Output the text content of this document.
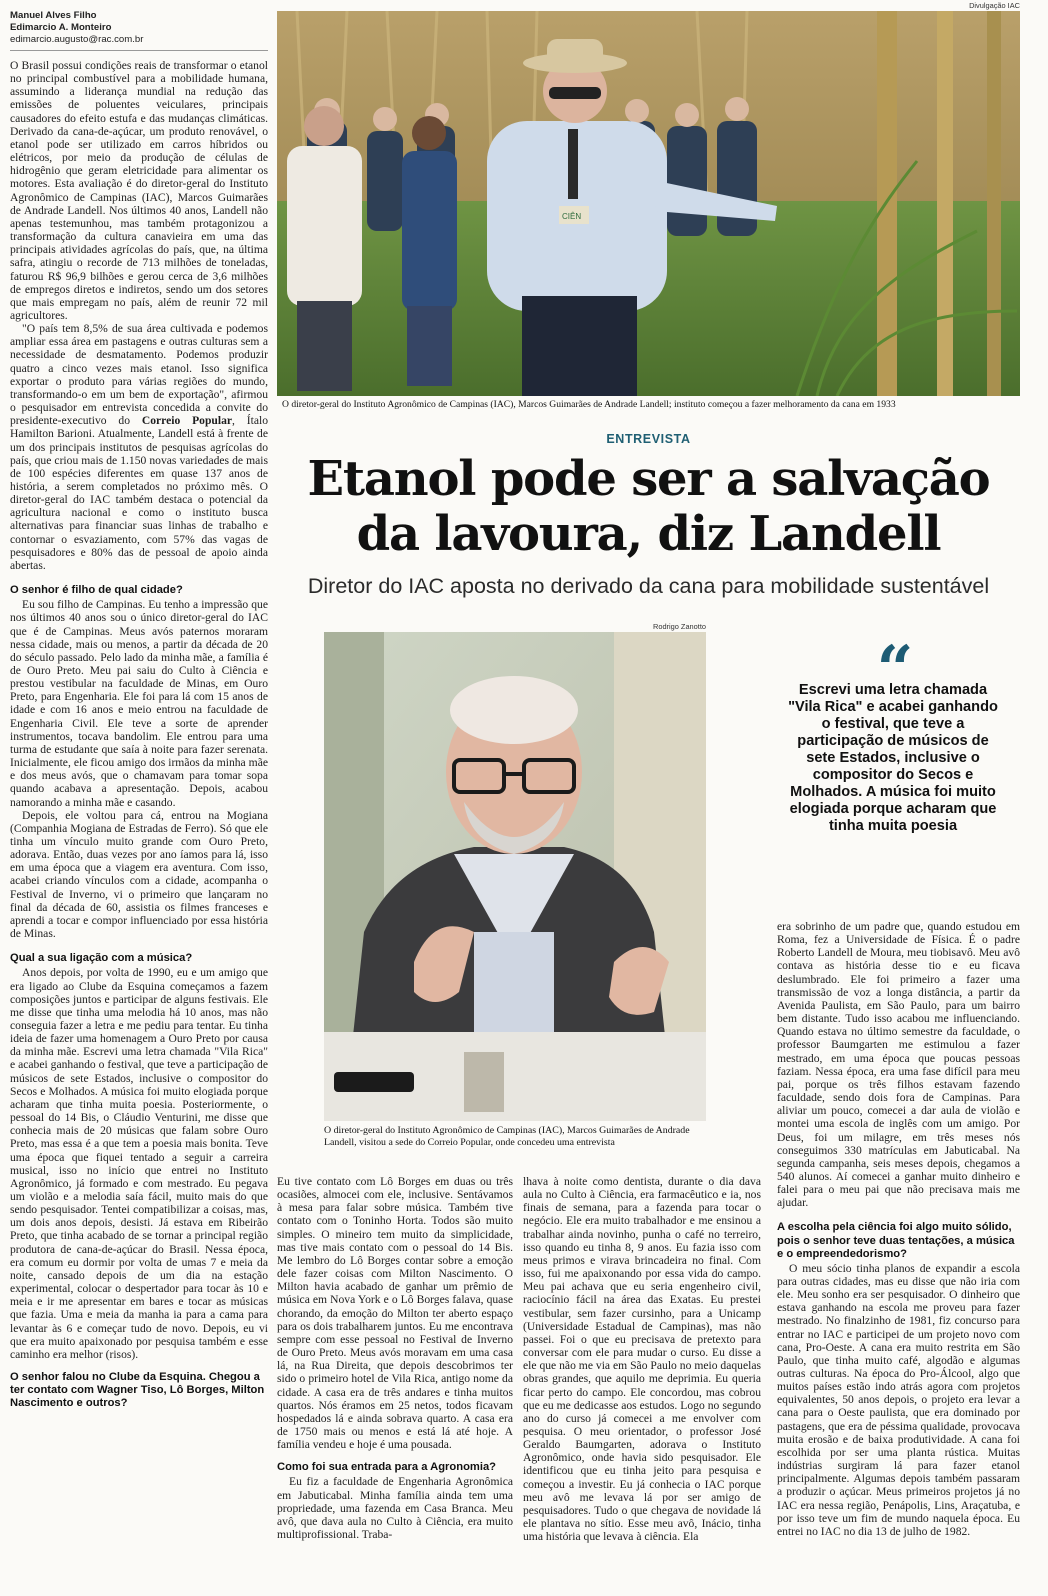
Manuel Alves Filho
Edimarcio A. Monteiro
edimarcio.augusto@rac.com.br

O Brasil possui condições reais de transformar o etanol no principal combustível para a mobilidade humana, assumindo a liderança mundial na redução das emissões de poluentes veiculares, principais causadores do efeito estufa e das mudanças climáticas. Derivado da cana-de-açúcar, um produto renovável, o etanol pode ser utilizado em carros híbridos ou elétricos, por meio da produção de células de hidrogênio que geram eletricidade para alimentar os motores. Esta avaliação é do diretor-geral do Instituto Agronômico de Campinas (IAC), Marcos Guimarães de Andrade Landell. Nos últimos 40 anos, Landell não apenas testemunhou, mas também protagonizou a transformação da cultura canavieira em uma das principais atividades agrícolas do país, que, na última safra, atingiu o recorde de 713 milhões de toneladas, faturou R$ 96,9 bilhões e gerou cerca de 3,6 milhões de empregos diretos e indiretos, sendo um dos setores que mais empregam no país, além de reunir 72 mil agricultores.

"O país tem 8,5% de sua área cultivada e podemos ampliar essa área em pastagens e outras culturas sem a necessidade de desmatamento. Podemos produzir quatro a cinco vezes mais etanol. Isso significa exportar o produto para várias regiões do mundo, transformando-o em um bem de exportação", afirmou o pesquisador em entrevista concedida a convite do presidente-executivo do Correio Popular, Ítalo Hamilton Barioni. Atualmente, Landell está à frente de um dos principais institutos de pesquisas agrícolas do país, que criou mais de 1.150 novas variedades de mais de 100 espécies diferentes em quase 137 anos de história, a serem completados no próximo mês. O diretor-geral do IAC também destaca o potencial da agricultura nacional e como o instituto busca alternativas para financiar suas linhas de trabalho e contornar o esvaziamento, com 57% das vagas de pesquisadores e 80% das de pessoal de apoio ainda abertas.

O senhor é filho de qual cidade?

Eu sou filho de Campinas. Eu tenho a impressão que nos últimos 40 anos sou o único diretor-geral do IAC que é de Campinas. Meus avós paternos moraram nessa cidade, mais ou menos, a partir da década de 20 do século passado. Pelo lado da minha mãe, a família é de Ouro Preto. Meu pai saiu do Culto à Ciência e prestou vestibular na faculdade de Minas, em Ouro Preto, para Engenharia. Ele foi para lá com 15 anos de idade e com 16 anos e meio entrou na faculdade de Engenharia Civil. Ele teve a sorte de aprender instrumentos, tocava bandolim. Ele entrou para uma turma de estudante que saía à noite para fazer serenata. Inicialmente, ele ficou amigo dos irmãos da minha mãe e dos meus avós, que o chamavam para tomar sopa quando acabava a apresentação. Depois, acabou namorando a minha mãe e casando.

Depois, ele voltou para cá, entrou na Mogiana (Companhia Mogiana de Estradas de Ferro). Só que ele tinha um vínculo muito grande com Ouro Preto, adorava. Então, duas vezes por ano íamos para lá, isso em uma época que a viagem era aventura. Com isso, acabei criando vínculos com a cidade, acompanha o Festival de Inverno, vi o primeiro que lançaram no final da década de 60, assistia os filmes franceses e aprendi a tocar e compor influenciado por essa história de Minas.

Qual a sua ligação com a música?

Anos depois, por volta de 1990, eu e um amigo que era ligado ao Clube da Esquina começamos a fazem composições juntos e participar de alguns festivais. Ele me disse que tinha uma melodia há 10 anos, mas não conseguia fazer a letra e me pediu para tentar. Eu tinha ideia de fazer uma homenagem a Ouro Preto por causa da minha mãe. Escrevi uma letra chamada "Vila Rica" e acabei ganhando o festival, que teve a participação de músicos de sete Estados, inclusive o compositor do Secos e Molhados. A música foi muito elogiada porque acharam que tinha muita poesia. Posteriormente, o pessoal do 14 Bis, o Cláudio Venturini, me disse que conhecia mais de 20 músicas que falam sobre Ouro Preto, mas essa é a que tem a poesia mais bonita. Teve uma época que fiquei tentado a seguir a carreira musical, isso no início que entrei no Instituto Agronômico, já formado e com mestrado. Eu pegava um violão e a melodia saía fácil, muito mais do que sendo pesquisador. Tentei compatibilizar a coisas, mas, um dois anos depois, desisti. Já estava em Ribeirão Preto, que tinha acabado de se tornar a principal região produtora de cana-de-açúcar do Brasil. Nessa época, era comum eu dormir por volta de umas 7 e meia da noite, cansado depois de um dia na estação experimental, colocar o despertador para tocar às 10 e meia e ir me apresentar em bares e tocar as músicas que fazia. Uma e meia da manha ia para a cama para levantar às 6 e começar tudo de novo. Depois, eu vi que era muito apaixonado por pesquisa também e esse caminho era melhor (risos).

O senhor falou no Clube da Esquina. Chegou a ter contato com Wagner Tiso, Lô Borges, Milton Nascimento e outros?
Divulgação IAC
CIÊN
O diretor-geral do Instituto Agronômico de Campinas (IAC), Marcos Guimarães de Andrade Landell; instituto começou a fazer melhoramento da cana em 1933
ENTREVISTA
Etanol pode ser a salvação
da lavoura, diz Landell
Diretor do IAC aposta no derivado da cana para mobilidade sustentável
Rodrigo Zanotto
O diretor-geral do Instituto Agronômico de Campinas (IAC), Marcos Guimarães de Andrade Landell, visitou a sede do Correio Popular, onde concedeu uma entrevista
“
Escrevi uma letra chamada "Vila Rica" e acabei ganhando o festival, que teve a participação de músicos de sete Estados, inclusive o compositor do Secos e Molhados. A música foi muito elogiada porque acharam que tinha muita poesia

Eu tive contato com Lô Borges em duas ou três ocasiões, almocei com ele, inclusive. Sentávamos à mesa para falar sobre música. Também tive contato com o Toninho Horta. Todos são muito simples. O mineiro tem muito da simplicidade, mas tive mais contato com o pessoal do 14 Bis. Me lembro do Lô Borges contar sobre a emoção dele fazer coisas com Milton Nascimento. O Milton havia acabado de ganhar um prêmio de música em Nova York e o Lô Borges falava, quase chorando, da emoção do Milton ter aberto espaço para os dois trabalharem juntos. Eu me encontrava sempre com esse pessoal no Festival de Inverno de Ouro Preto. Meus avós moravam em uma casa lá, na Rua Direita, que depois descobrimos ter sido o primeiro hotel de Vila Rica, antigo nome da cidade. A casa era de três andares e tinha muitos quartos. Nós éramos em 25 netos, todos ficavam hospedados lá e ainda sobrava quarto. A casa era de 1750 mais ou menos e está lá até hoje. A família vendeu e hoje é uma pousada.

Como foi sua entrada para a Agronomia?

Eu fiz a faculdade de Engenharia Agronômica em Jabuticabal. Minha família ainda tem uma propriedade, uma fazenda em Casa Branca. Meu avô, que dava aula no Culto à Ciência, era muito multiprofissional. Traba-

lhava à noite como dentista, durante o dia dava aula no Culto à Ciência, era farmacêutico e ia, nos finais de semana, para a fazenda para tocar o negócio. Ele era muito trabalhador e me ensinou a trabalhar ainda novinho, punha o café no terreiro, isso quando eu tinha 8, 9 anos. Eu fazia isso com meus primos e virava brincadeira no final. Com isso, fui me apaixonando por essa vida do campo. Meu pai achava que eu seria engenheiro civil, raciocínio fácil na área das Exatas. Eu prestei vestibular, sem fazer cursinho, para a Unicamp (Universidade Estadual de Campinas), mas não passei. Foi o que eu precisava de pretexto para conversar com ele para mudar o curso. Eu disse a ele que não me via em São Paulo no meio daquelas obras grandes, que aquilo me deprimia. Eu queria ficar perto do campo. Ele concordou, mas cobrou que eu me dedicasse aos estudos. Logo no segundo ano do curso já comecei a me envolver com pesquisa. O meu orientador, o professor José Geraldo Baumgarten, adorava o Instituto Agronômico, onde havia sido pesquisador. Ele identificou que eu tinha jeito para pesquisa e começou a investir. Eu já conhecia o IAC porque meu avô me levava lá por ser amigo de pesquisadores. Tudo o que chegava de novidade lá ele plantava no sítio. Esse meu avô, Inácio, tinha uma história que levava à ciência. Ela

era sobrinho de um padre que, quando estudou em Roma, fez a Universidade de Física. É o padre Roberto Landell de Moura, meu tiobisavô. Meu avô contava as história desse tio e eu ficava deslumbrado. Ele foi primeiro a fazer uma transmissão de voz a longa distância, a partir da Avenida Paulista, em São Paulo, para um bairro bem distante. Tudo isso acabou me influenciando. Quando estava no último semestre da faculdade, o professor Baumgarten me estimulou a fazer mestrado, em uma época que poucas pessoas faziam. Nessa época, era uma fase difícil para meu pai, porque os três filhos estavam fazendo faculdade, sendo dois fora de Campinas. Para aliviar um pouco, comecei a dar aula de violão e montei uma escola de inglês com um amigo. Por Deus, foi um milagre, em três meses nós conseguimos 330 matrículas em Jabuticabal. Na segunda campanha, seis meses depois, chegamos a 540 alunos. Aí comecei a ganhar muito dinheiro e falei para o meu pai que não precisava mais me ajudar.

A escolha pela ciência foi algo muito sólido, pois o senhor teve duas tentações, a música e o empreendedorismo?

O meu sócio tinha planos de expandir a escola para outras cidades, mas eu disse que não iria com ele. Meu sonho era ser pesquisador. O dinheiro que estava ganhando na escola me proveu para fazer mestrado. No finalzinho de 1981, fiz concurso para entrar no IAC e participei de um projeto novo com cana, Pro-Oeste. A cana era muito restrita em São Paulo, que tinha muito café, algodão e algumas outras culturas. Na época do Pro-Álcool, algo que muitos países estão indo atrás agora com projetos equivalentes, 50 anos depois, o projeto era levar a cana para o Oeste paulista, que era dominado por pastagens, que era de péssima qualidade, provocava muita erosão e de baixa produtividade. A cana foi escolhida por ser uma planta rústica. Muitas indústrias surgiram lá para fazer etanol principalmente. Algumas depois também passaram a produzir o açúcar. Meus primeiros projetos já no IAC era nessa região, Penápolis, Lins, Araçatuba, e por isso teve um fim de mundo naquela época. Eu entrei no IAC no dia 13 de julho de 1982.
